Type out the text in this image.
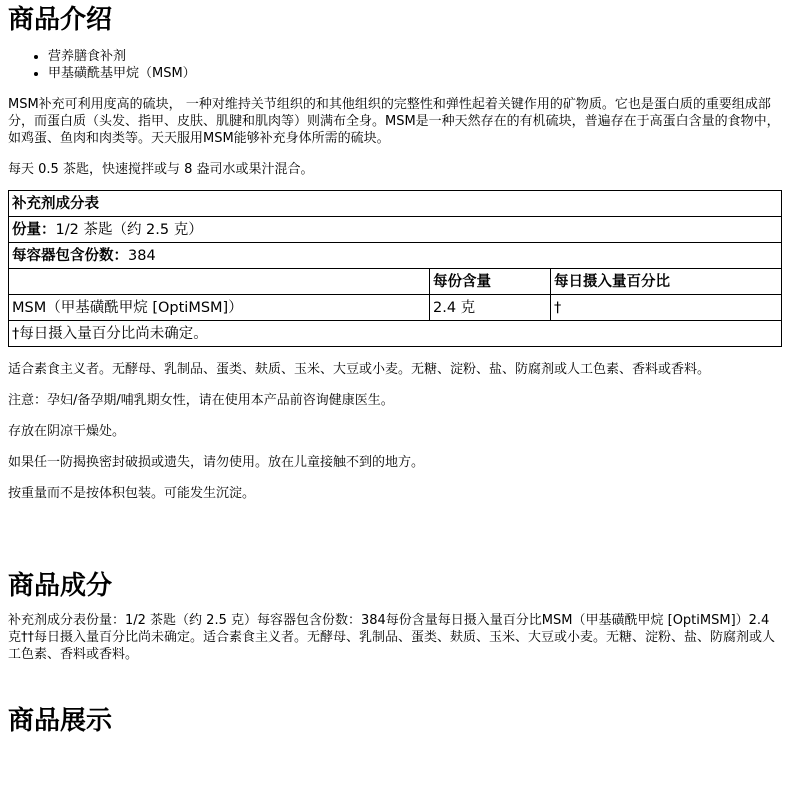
商品介绍
• 营养膳食补剂
• 甲基磺酰基甲烷（MSM）

MSM补充可利用度高的硫块， 一种对维持关节组织的和其他组织的完整性和弹性起着关键作用的矿物质。它也是蛋白质的重要组成部分，而蛋白质（头发、指甲、皮肤、肌腱和肌肉等）则满布全身。MSM是一种天然存在的有机硫块，普遍存在于高蛋白含量的食物中，如鸡蛋、鱼肉和肉类等。天天服用MSM能够补充身体所需的硫块。

每天 0.5 茶匙，快速搅拌或与 8 盎司水或果汁混合。

补充剂成分表		
份量：1/2 茶匙（约 2.5 克）		
每容器包含份数：384		
	每份含量	每日摄入量百分比
MSM（甲基磺酰甲烷 [OptiMSM]）	2.4 克	†
†每日摄入量百分比尚未确定。		

适合素食主义者。无酵母、乳制品、蛋类、麸质、玉米、大豆或小麦。无糖、淀粉、盐、防腐剂或人工色素、香料或香料。

注意：孕妇/备孕期/哺乳期女性，请在使用本产品前咨询健康医生。

存放在阴凉干燥处。

如果任一防揭换密封破损或遗失，请勿使用。放在儿童接触不到的地方。

按重量而不是按体积包装。可能发生沉淀。

商品成分

补充剂成分表份量：1/2 茶匙（约 2.5 克）每容器包含份数：384每份含量每日摄入量百分比MSM（甲基磺酰甲烷 [OptiMSM]）2.4 克††每日摄入量百分比尚未确定。适合素食主义者。无酵母、乳制品、蛋类、麸质、玉米、大豆或小麦。无糖、淀粉、盐、防腐剂或人工色素、香料或香料。

商品展示
